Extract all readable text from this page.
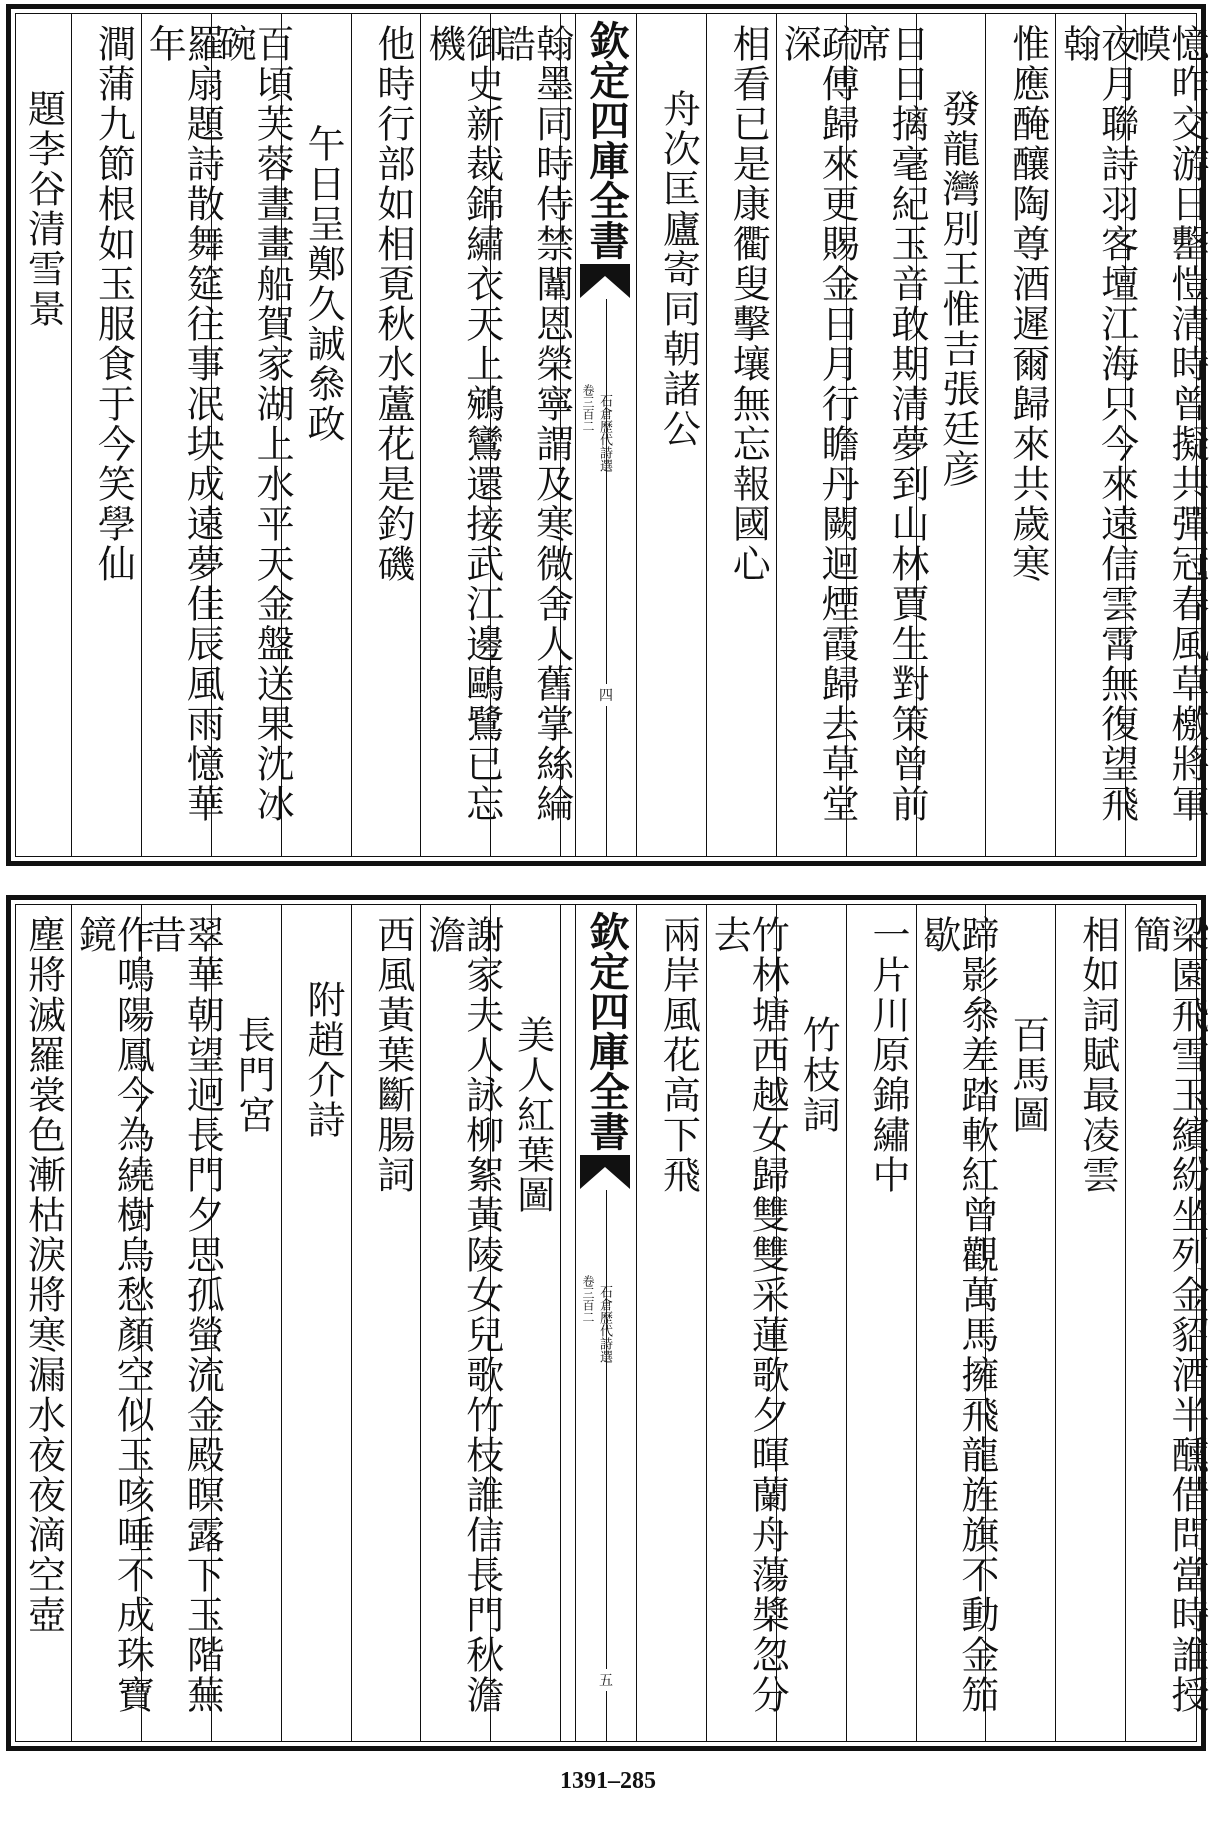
憶昨交游日罊愷清時曾擬共彈冠春風草檄將軍幙
夜月聯詩羽客壇江海只今來遠信雲霄無復望飛翰
惟應醃釀陶尊酒遲爾歸來共歲寒
發龍灣別王惟吉張廷彦
日日摛毫紀玉音敢期清夢到山林賈生對策曾前席
疏傅歸來更賜金日月行瞻丹闕迴煙霞歸去草堂深
相看已是康衢叟擊壤無忘報國心
舟次匡廬寄同朝諸公
欽定四庫全書
石倉歷代詩選
卷三百二
四
翰墨同時侍禁闈恩榮寧謂及寒微舍人舊掌絲綸誥
御史新裁錦繡衣天上鵷鸞還接武江邊鷗鷺已忘機
他時行部如相覔秋水蘆花是釣磯
午日呈鄭久誠叅政
百頃芙蓉晝畫船賀家湖上水平天金盤送果沈冰碗
羅扇題詩散舞筵往事冺块成遠夢佳辰風雨憶華年
澗蒲九節根如玉服食于今笑學仙
題李谷清雪景
梁園飛雪玉繽紛坐列金貂酒半醺借問當時誰授簡
相如詞賦最凌雲
百馬圖
蹄影叅差踏軟紅曾觀萬馬擁飛龍旌旗不動金笳歇
一片川原錦繡中
竹枝詞
竹林塘西越女歸雙雙采蓮歌夕暉蘭舟蕩槳忽分去
兩岸風花高下飛
欽定四庫全書
石倉歷代詩選
卷三百二
五
美人紅葉圖
謝家夫人詠柳絮黃陵女兒歌竹枝誰信長門秋澹澹
西風黃葉斷腸詞
附趙介詩
長門宮
翠華朝望迥長門夕思孤螢流金殿瞑露下玉階蕪昔
作鳴陽鳳今為繞樹烏愁顏空似玉咳唾不成珠寶鏡
塵將滅羅裳色漸枯淚將寒漏水夜夜滴空壺
1391–285
